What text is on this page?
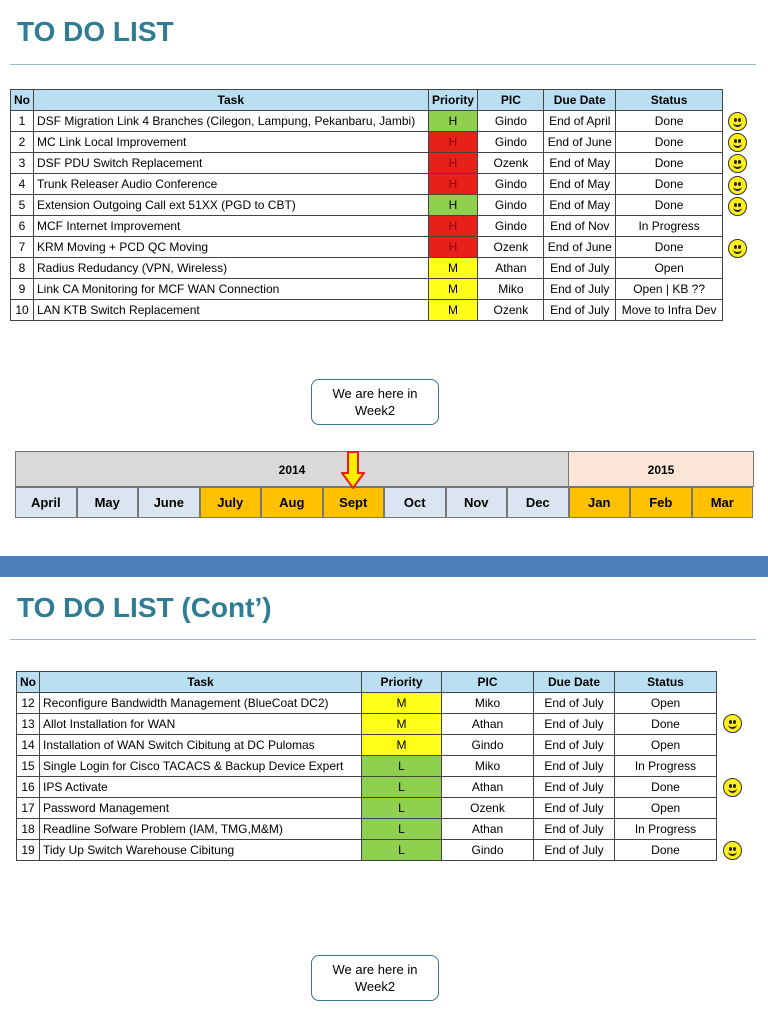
TO DO LIST
No	Task	Priority	PIC	Due Date	Status
1	DSF Migration Link 4 Branches (Cilegon, Lampung, Pekanbaru, Jambi)	H	Gindo	End of April	Done
2	MC Link Local Improvement	H	Gindo	End of June	Done
3	DSF PDU Switch Replacement	H	Ozenk	End of May	Done
4	Trunk Releaser Audio Conference	H	Gindo	End of May	Done
5	Extension Outgoing Call ext 51XX (PGD to CBT)	H	Gindo	End of May	Done
6	MCF Internet Improvement	H	Gindo	End of Nov	In Progress
7	KRM Moving + PCD QC Moving	H	Ozenk	End of June	Done
8	Radius Redudancy (VPN, Wireless)	M	Athan	End of July	Open
9	Link CA Monitoring for MCF WAN Connection	M	Miko	End of July	Open | KB ??
10	LAN KTB Switch Replacement	M	Ozenk	End of July	Move to Infra Dev
We are here in Week2
2014	2015
April	May	June	July	Aug	Sept	Oct	Nov	Dec	Jan	Feb	Mar
TO DO LIST (Cont’)
No	Task	Priority	PIC	Due Date	Status
12	Reconfigure Bandwidth Management (BlueCoat DC2)	M	Miko	End of July	Open
13	Allot Installation for WAN	M	Athan	End of July	Done
14	Installation of WAN Switch Cibitung at DC Pulomas	M	Gindo	End of July	Open
15	Single Login for Cisco TACACS & Backup Device Expert	L	Miko	End of July	In Progress
16	IPS Activate	L	Athan	End of July	Done
17	Password Management	L	Ozenk	End of July	Open
18	Readline Sofware Problem (IAM, TMG,M&M)	L	Athan	End of July	In Progress
19	Tidy Up Switch Warehouse Cibitung	L	Gindo	End of July	Done
We are here in Week2
